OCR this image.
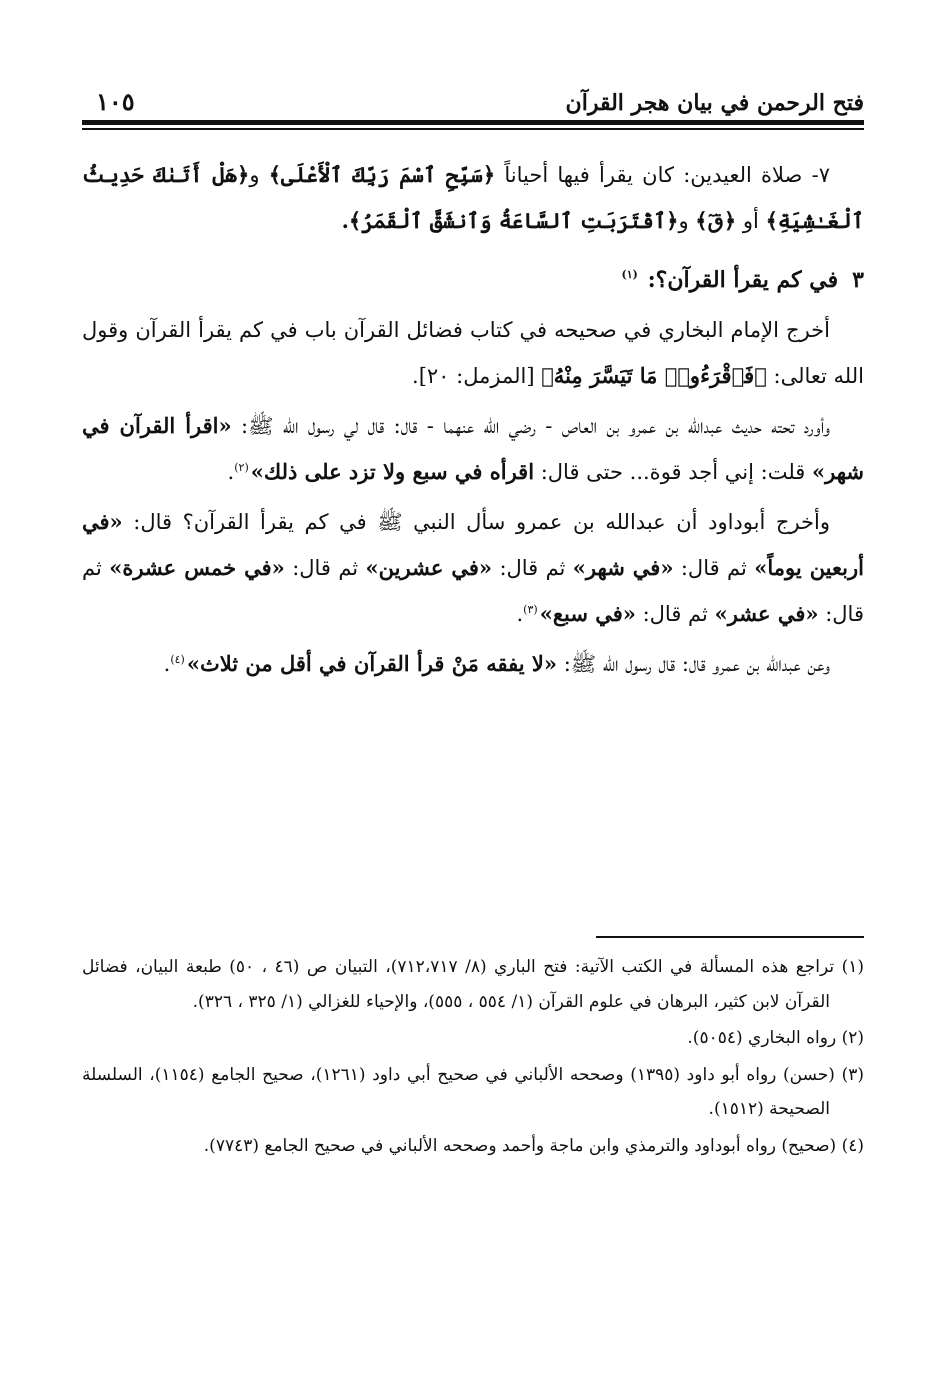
فتح الرحمن في بيان هجر القرآن
١٠٥

٧- صلاة العيدين: كان يقرأ فيها أحياناً ﴿سَبِّحِ ٱسْمَ رَبِّكَ ٱلْأَعْلَى﴾ و﴿هَلْ أَتَىٰكَ حَدِيثُ ٱلْغَـٰشِيَةِ﴾ أو ﴿قٓ﴾ و﴿ٱقْتَرَبَتِ ٱلسَّاعَةُ وَٱنشَقَّ ٱلْقَمَرُ﴾.

٣في كم يقرأ القرآن؟: $^{(١)}$

أخرج الإمام البخاري في صحيحه في كتاب فضائل القرآن باب في كم يقرأ القرآن وقول الله تعالى: ﴿فَٱقْرَءُوا۟ مَا تَيَسَّرَ مِنْهُ﴾ [المزمل: ٢٠].

وأورد تحته حديث عبدالله بن عمرو بن العاص - رضي الله عنهما - قال: قال لي رسول الله ﷺ: «اقرأ القرآن في شهر» قلت: إني أجد قوة... حتى قال: اقرأه في سبع ولا تزد على ذلك»$^{(٢)}$.

وأخرج أبوداود أن عبدالله بن عمرو سأل النبي ﷺ في كم يقرأ القرآن؟ قال: «في أربعين يوماً» ثم قال: «في شهر» ثم قال: «في عشرين» ثم قال: «في خمس عشرة» ثم قال: «في عشر» ثم قال: «في سبع»$^{(٣)}$.

وعن عبدالله بن عمرو قال: قال رسول الله ﷺ: «لا يفقه مَنْ قرأ القرآن في أقل من ثلاث»$^{(٤)}$.

(١) تراجع هذه المسألة في الكتب الآتية: فتح الباري (٨/ ٧١٢،٧١٧)، التبيان ص (٤٦ ، ٥٠) طبعة البيان، فضائل القرآن لابن كثير، البرهان في علوم القرآن (١/ ٥٥٤ ، ٥٥٥)، والإحياء للغزالي (١/ ٣٢٥ ، ٣٢٦).

(٢) رواه البخاري (٥٠٥٤).

(٣) (حسن) رواه أبو داود (١٣٩٥) وصححه الألباني في صحيح أبي داود (١٢٦١)، صحيح الجامع (١١٥٤)، السلسلة الصحيحة (١٥١٢).

(٤) (صحيح) رواه أبوداود والترمذي وابن ماجة وأحمد وصححه الألباني في صحيح الجامع (٧٧٤٣).
